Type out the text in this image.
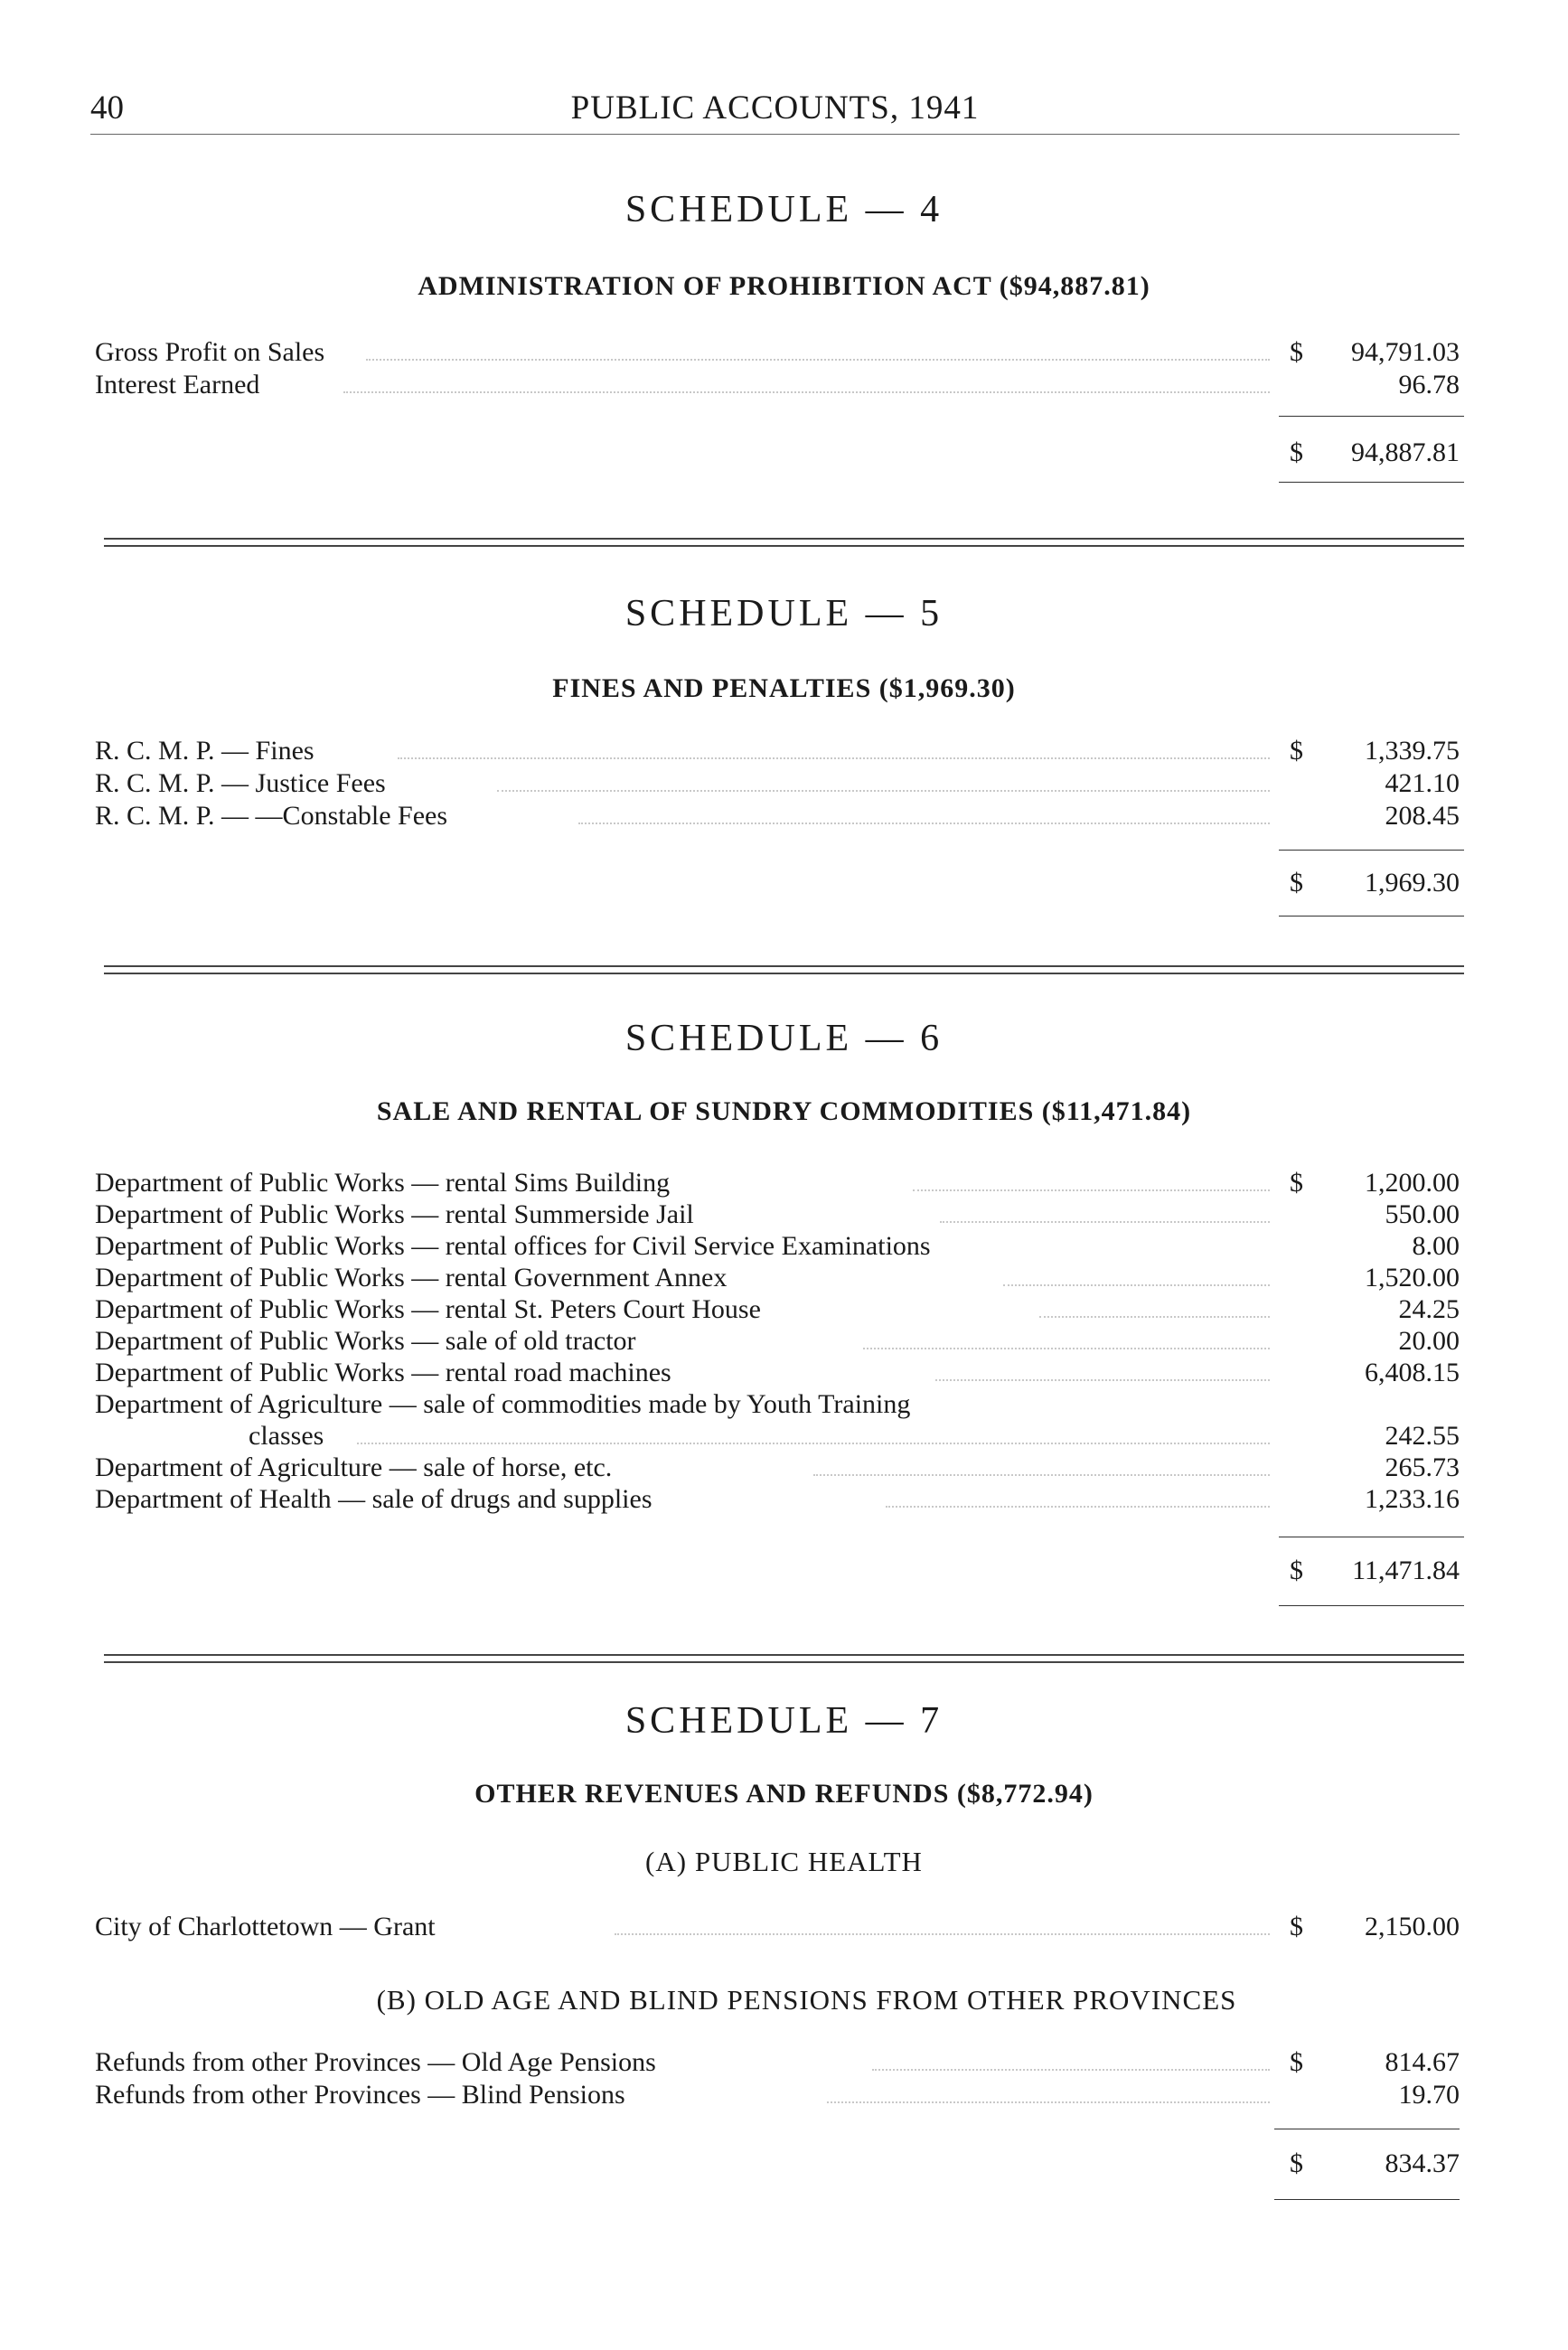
40	PUBLIC ACCOUNTS, 1941
SCHEDULE — 4
ADMINISTRATION OF PROHIBITION ACT ($94,887.81)
Gross Profit on Sales	$ 94,791.03
Interest Earned	96.78
$ 94,887.81
SCHEDULE — 5
FINES AND PENALTIES ($1,969.30)
R. C. M. P. — Fines	$ 1,339.75
R. C. M. P. — Justice Fees	421.10
R. C. M. P. — —Constable Fees	208.45
$ 1,969.30
SCHEDULE — 6
SALE AND RENTAL OF SUNDRY COMMODITIES ($11,471.84)
Department of Public Works — rental Sims Building	$ 1,200.00
Department of Public Works — rental Summerside Jail	550.00
Department of Public Works — rental offices for Civil Service Examinations	8.00
Department of Public Works — rental Government Annex	1,520.00
Department of Public Works — rental St. Peters Court House	24.25
Department of Public Works — sale of old tractor	20.00
Department of Public Works — rental road machines	6,408.15
Department of Agriculture — sale of commodities made by Youth Training
classes	242.55
Department of Agriculture — sale of horse, etc.	265.73
Department of Health — sale of drugs and supplies	1,233.16
$ 11,471.84
SCHEDULE — 7
OTHER REVENUES AND REFUNDS ($8,772.94)
(A) PUBLIC HEALTH
City of Charlottetown — Grant	$ 2,150.00
(B) OLD AGE AND BLIND PENSIONS FROM OTHER PROVINCES
Refunds from other Provinces — Old Age Pensions	$	814.67
Refunds from other Provinces — Blind Pensions	19.70
$	834.37
